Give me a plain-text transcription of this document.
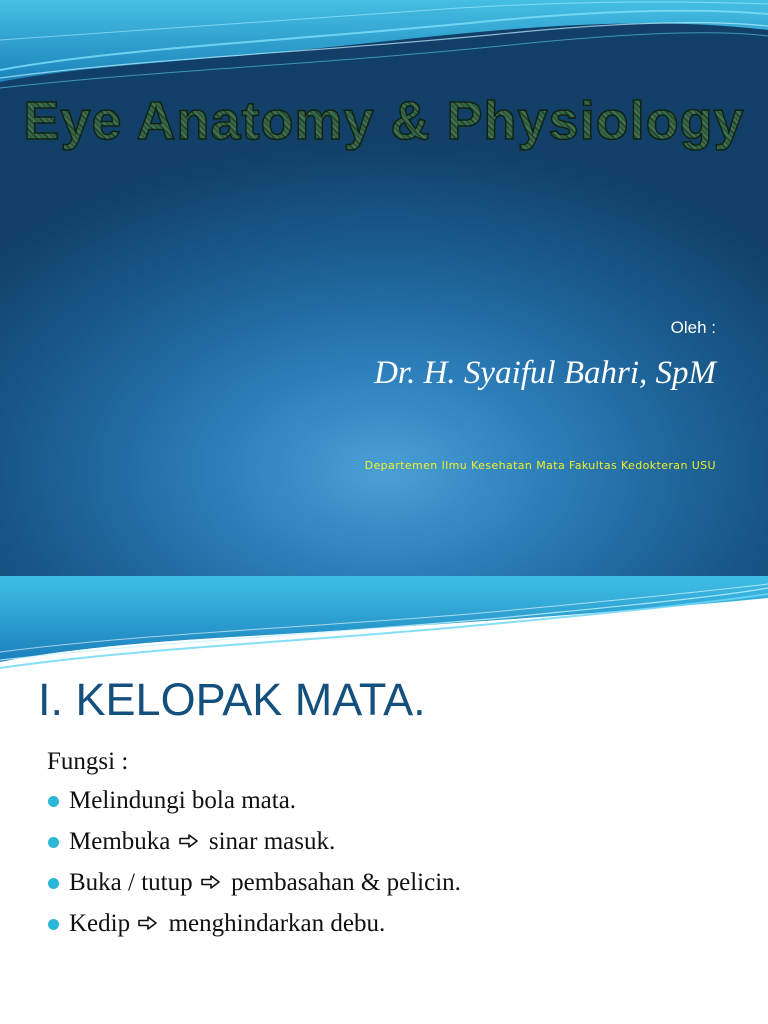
Eye Anatomy & Physiology
Oleh :
Dr. H. Syaiful Bahri, SpM
Departemen Ilmu Kesehatan Mata Fakultas Kedokteran USU
I. KELOPAK MATA.
Fungsi :
Melindungi bola mata.
Membuka sinar masuk.
Buka / tutup pembasahan & pelicin.
Kedip menghindarkan debu.
